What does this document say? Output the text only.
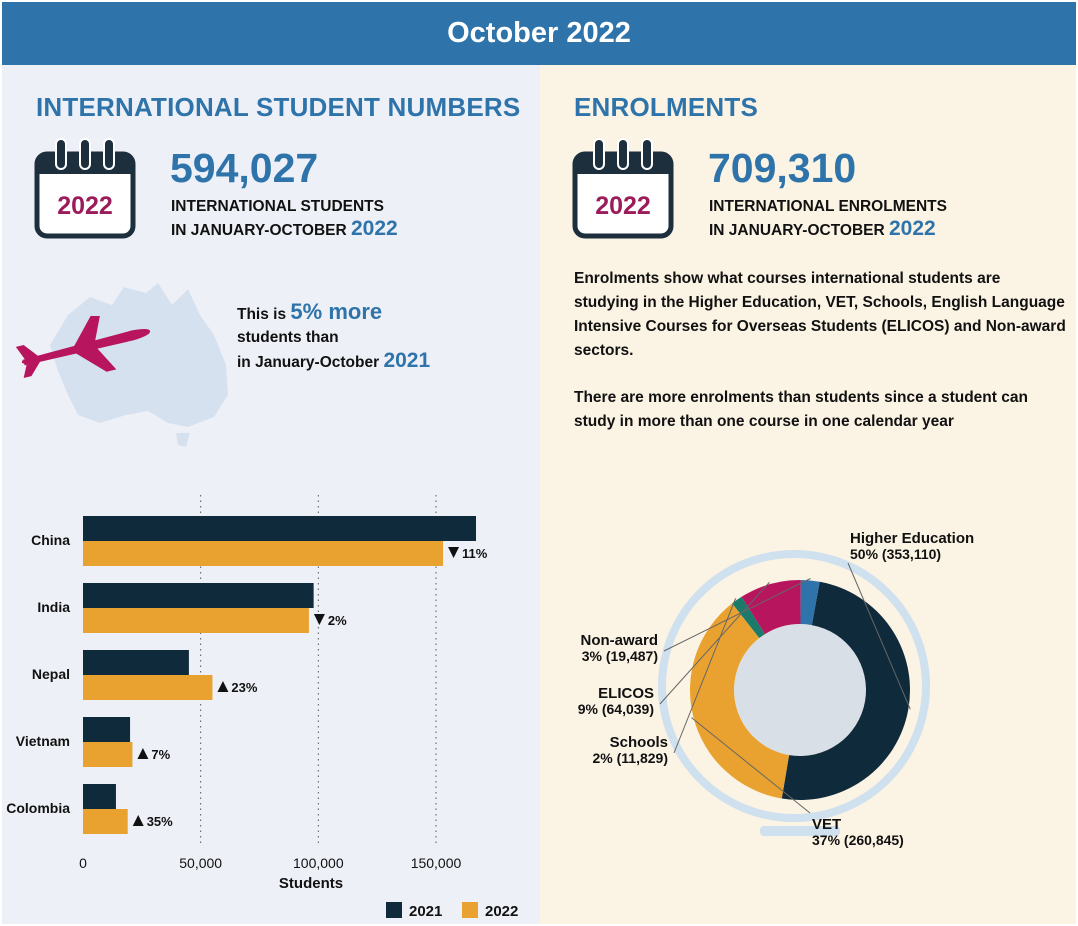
October 2022
INTERNATIONAL STUDENT NUMBERS
2022
594,027
INTERNATIONAL STUDENTS
IN JANUARY-OCTOBER 2022
This is 5% more
students than
in January-October 2021
0	50,000	100,000	150,000
Students
China
11%
India
2%
Nepal
23%
Vietnam
7%
Colombia
35%
2021	2022
ENROLMENTS
2022
709,310
INTERNATIONAL ENROLMENTS
IN JANUARY-OCTOBER 2022
Enrolments show what courses international students are studying in the Higher Education, VET, Schools, English Language Intensive Courses for Overseas Students (ELICOS) and Non-award sectors.
There are more enrolments than students since a student can study in more than one course in one calendar year
Higher Education
50% (353,110)
VET
37% (260,845)
Schools
2% (11,829)
ELICOS
9% (64,039)
Non-award
3% (19,487)
